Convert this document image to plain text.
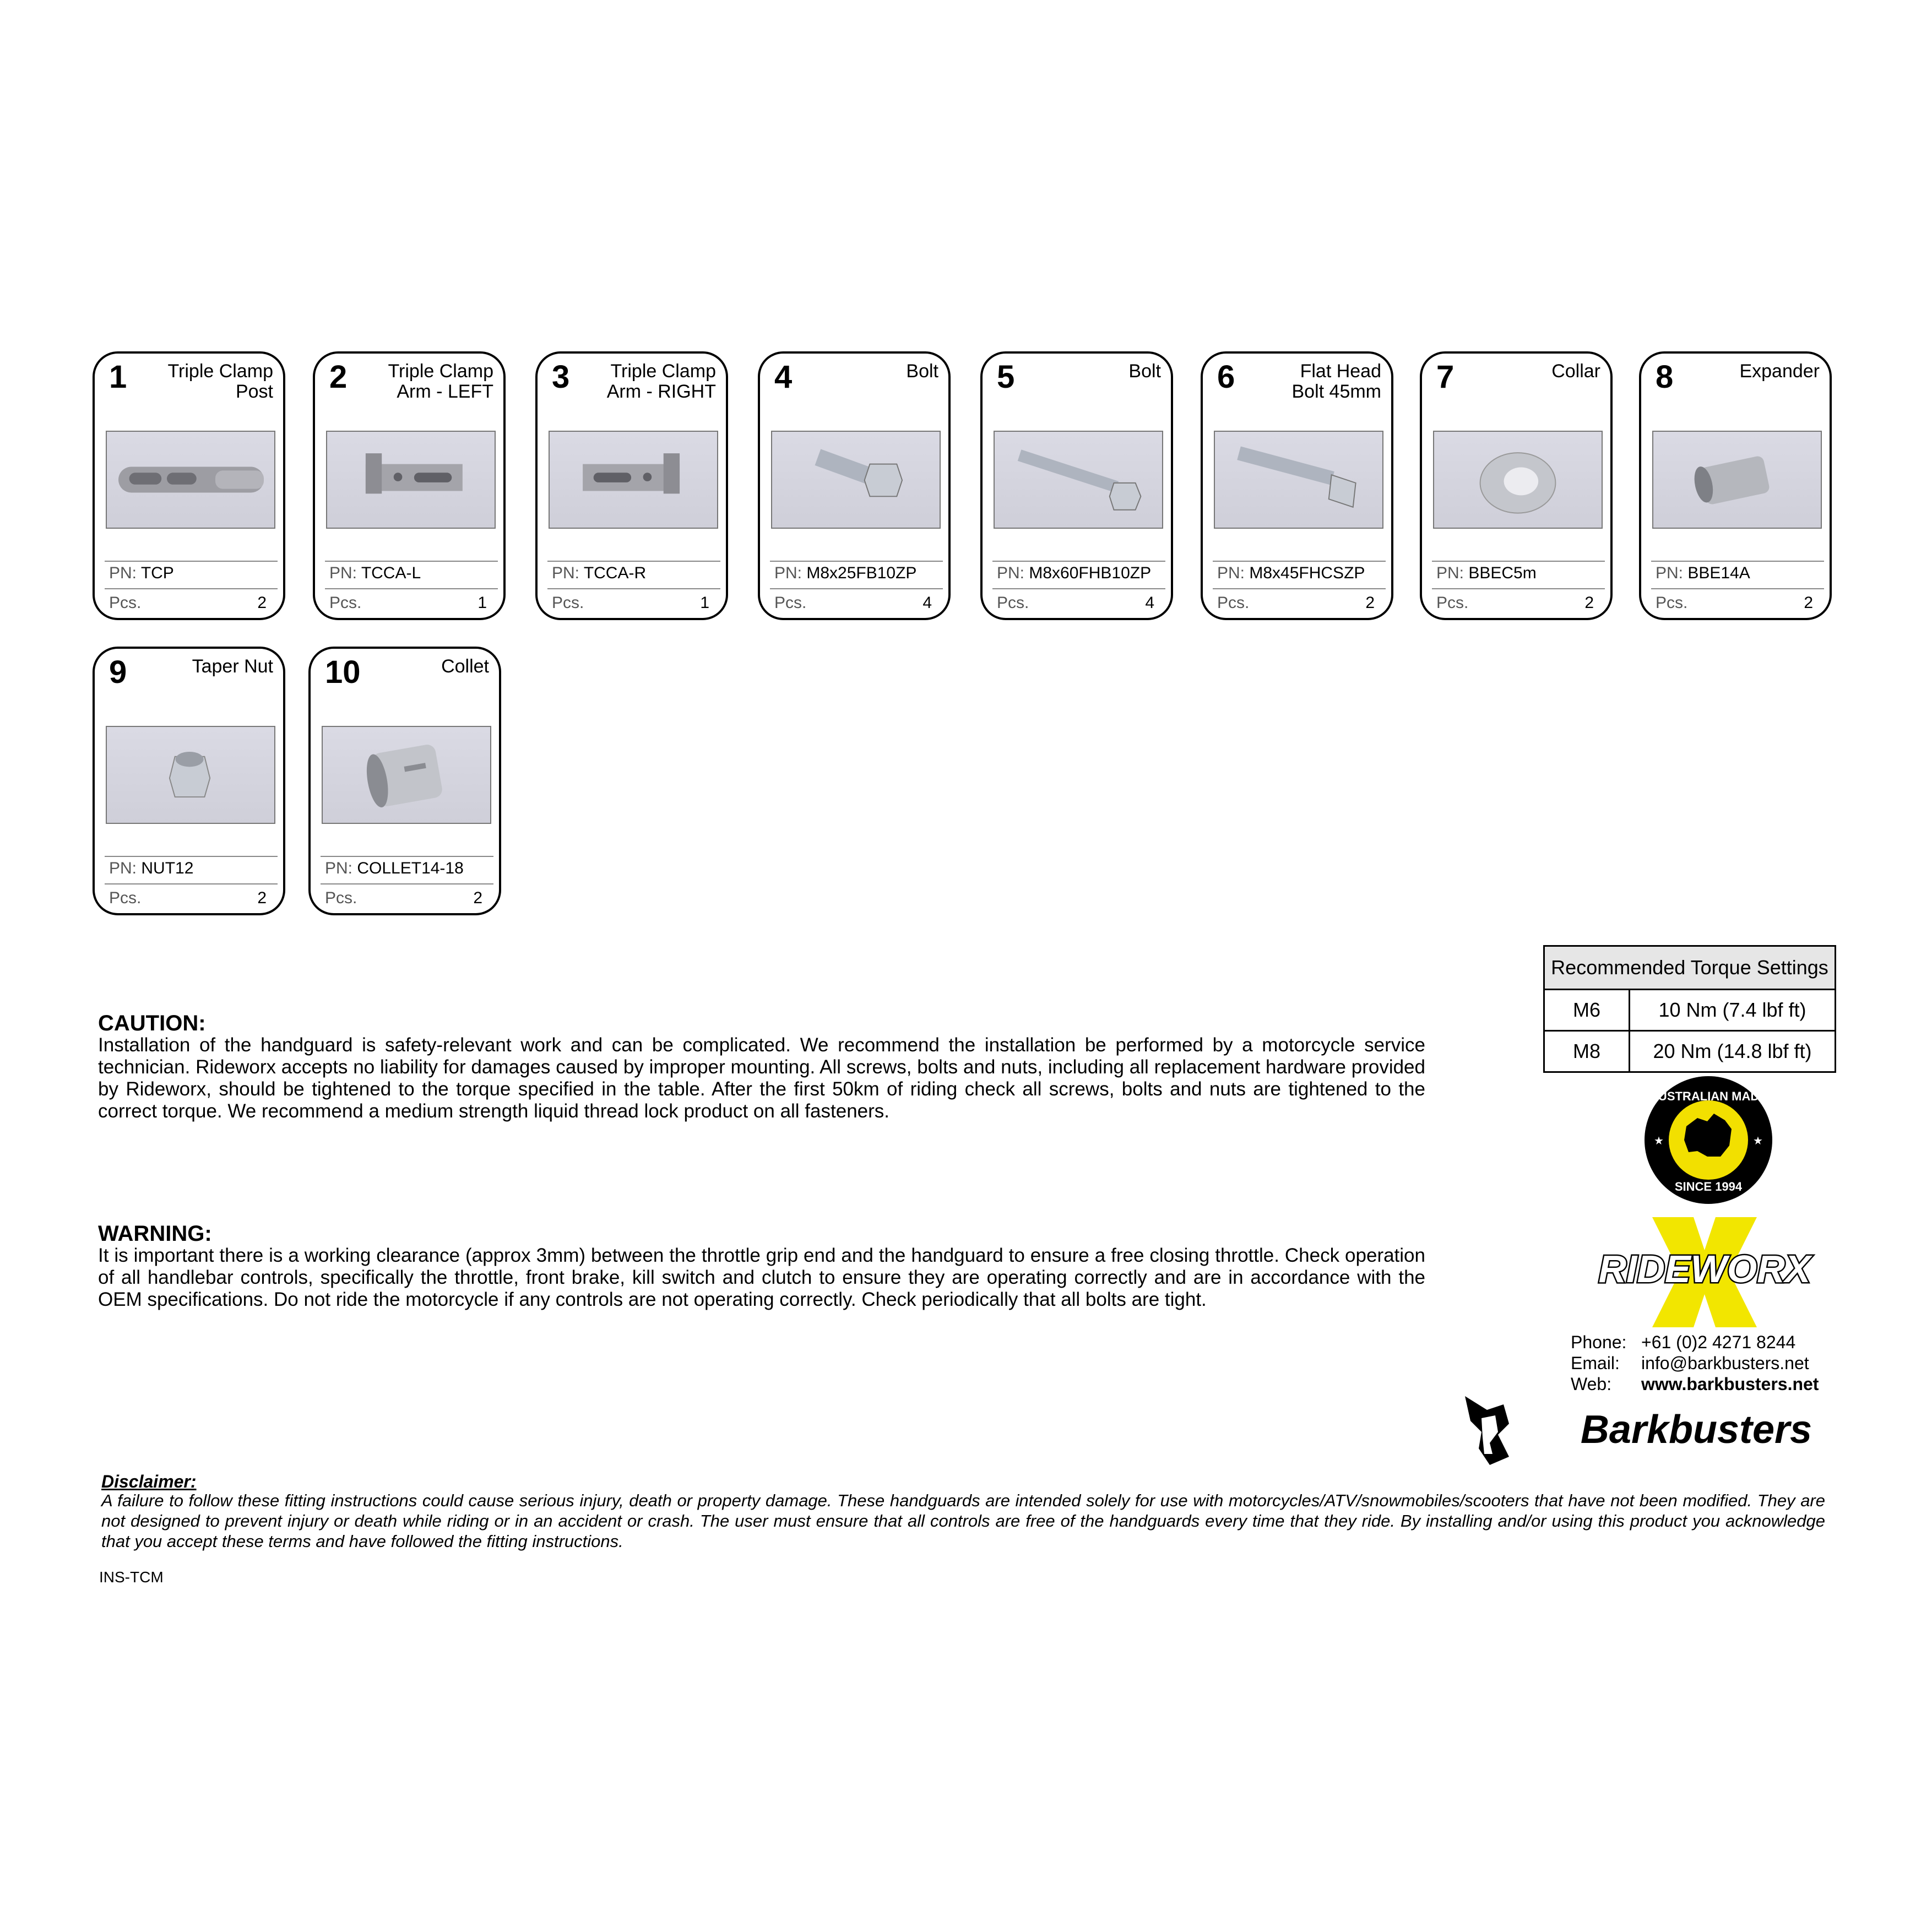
1	Triple Clamp
Post
PN: TCP
Pcs.	2
2	Triple Clamp
Arm - LEFT
PN: TCCA-L
Pcs.	1
3	Triple Clamp
Arm - RIGHT
PN: TCCA-R
Pcs.	1
4	Bolt
PN: M8x25FB10ZP
Pcs.	4
5	Bolt
PN: M8x60FHB10ZP
Pcs.	4
6	Flat Head
Bolt 45mm
PN: M8x45FHCSZP
Pcs.	2
7	Collar
PN: BBEC5m
Pcs.	2
8	Expander
PN: BBE14A
Pcs.	2
9	Taper Nut
PN: NUT12
Pcs.	2
10	Collet
PN: COLLET14-18
Pcs.	2
Recommended Torque Settings	
M6	10 Nm (7.4 lbf ft)
M8	20 Nm (14.8 lbf ft)
CAUTION:
Installation of the handguard is safety-relevant work and can be complicated. We recommend the installation be performed by a motorcycle service technician. Rideworx accepts no liability for damages caused by improper mounting. All screws, bolts and nuts, including all replacement hardware provided by Rideworx, should be tightened to the torque specified in the table. After the first 50km of riding check all screws, bolts and nuts are tightened to the correct torque. We recommend a medium strength liquid thread lock product on all fasteners.
WARNING:
It is important there is a working clearance (approx 3mm) between the throttle grip end and the handguard to ensure a free closing throttle. Check operation of all handlebar controls, specifically the throttle, front brake, kill switch and clutch to ensure they are operating correctly and are in accordance with the OEM specifications. Do not ride the motorcycle if any controls are not operating correctly. Check periodically that all bolts are tight.
AUSTRALIAN MADE
SINCE 1994
★	★
RIDEWORX
Phone: +61 (0)2 4271 8244
Email: info@barkbusters.net
Web: www.barkbusters.net
Barkbusters
Disclaimer:
A failure to follow these fitting instructions could cause serious injury, death or property damage. These handguards are intended solely for use with motorcycles/ATV/snowmobiles/scooters that have not been modified. They are not designed to prevent injury or death while riding or in an accident or crash. The user must ensure that all controls are free of the handguards every time that they ride. By installing and/or using this product you acknowledge that you accept these terms and have followed the fitting instructions.
INS-TCM
